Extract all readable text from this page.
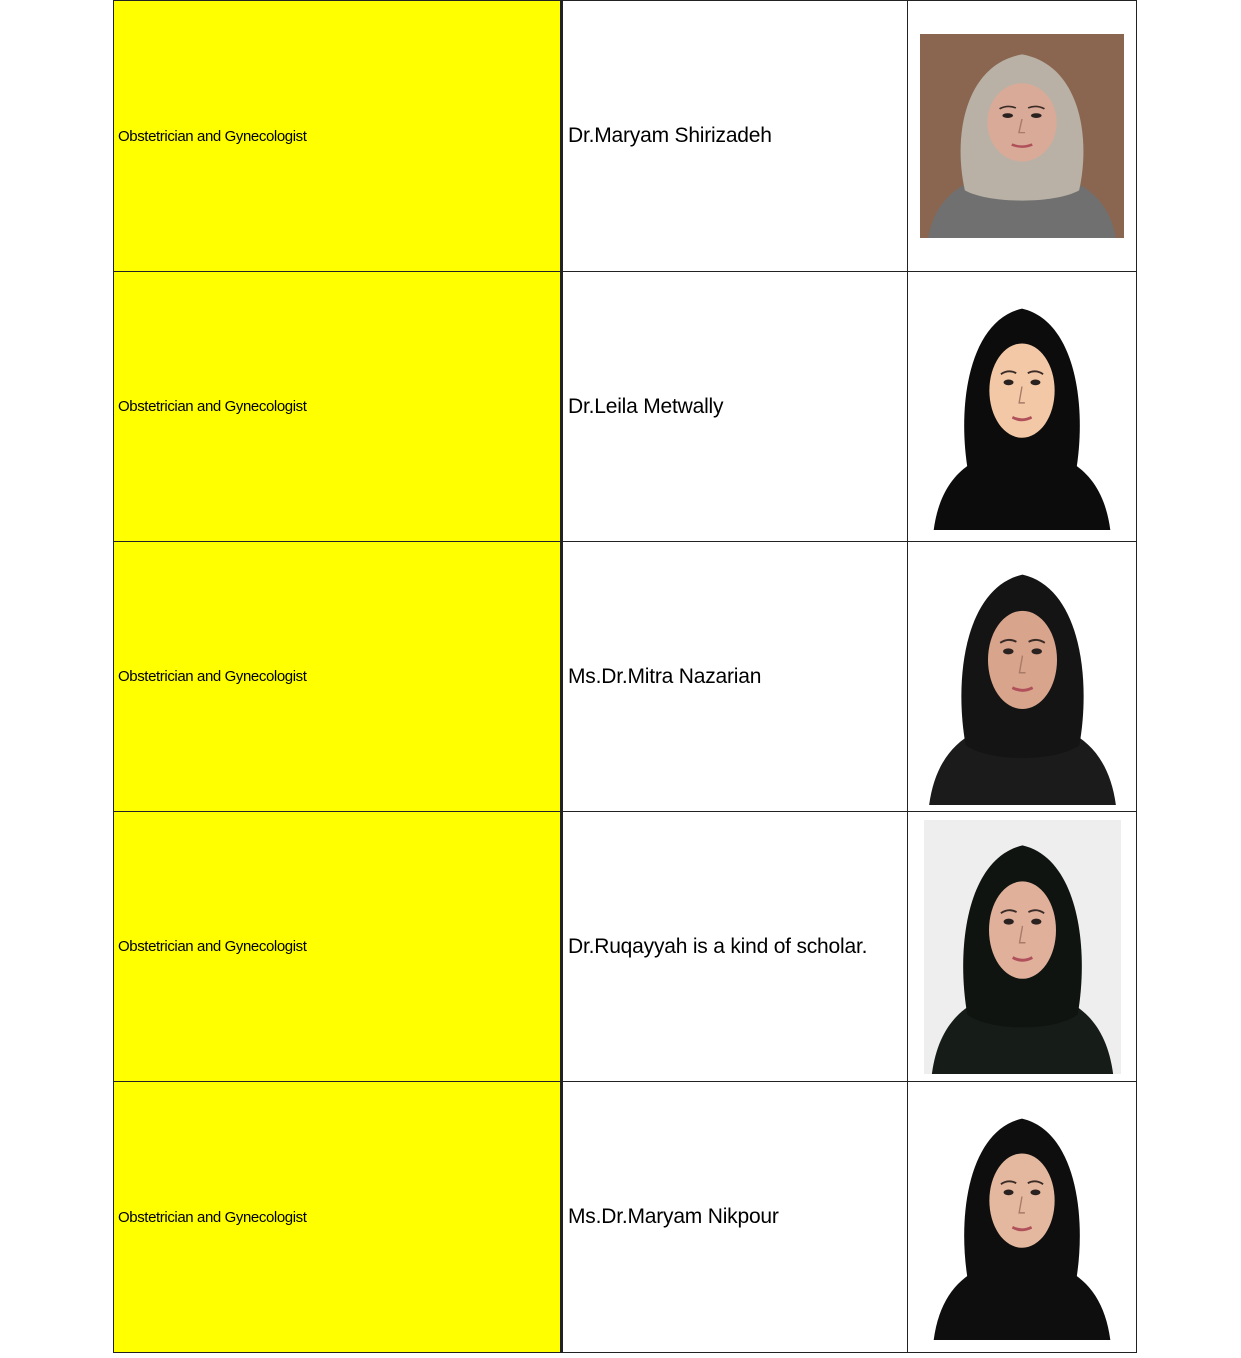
Obstetrician and Gynecologist	Dr.Maryam Shirizadeh

Obstetrician and Gynecologist	Dr.Leila Metwally

Obstetrician and Gynecologist	Ms.Dr.Mitra Nazarian

Obstetrician and Gynecologist	Dr.Ruqayyah is a kind of scholar.

Obstetrician and Gynecologist	Ms.Dr.Maryam Nikpour
